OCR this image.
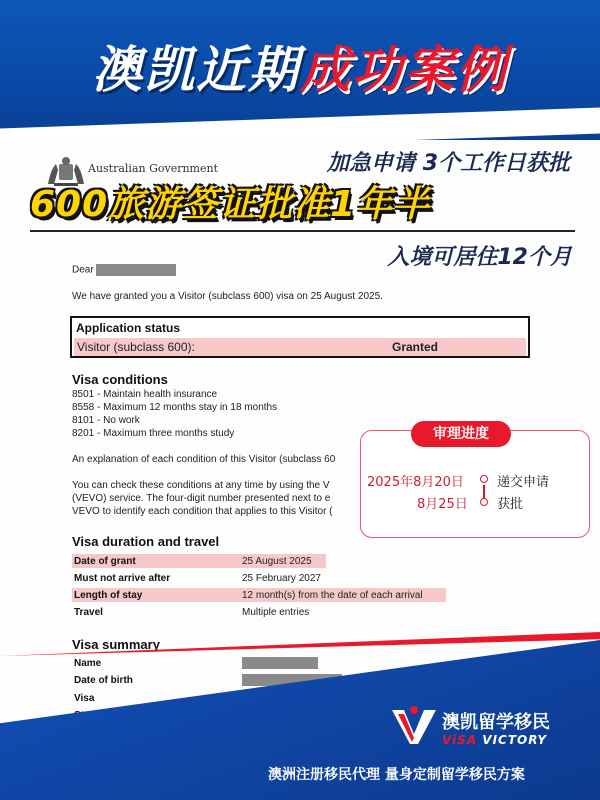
澳凯近期成功案例
Australian Government	加急申请 3个工作日获批
600旅游签证批准1年半
入境可居住12个月
Dear
We have granted you a Visitor (subclass 600) visa on 25 August 2025.
Application status
Visitor (subclass 600):	Granted
Visa conditions
8501 - Maintain health insurance
8558 - Maximum 12 months stay in 18 months
8101 - No work
8201 - Maximum three months study
An explanation of each condition of this Visitor (subclass 60
You can check these conditions at any time by using the V
(VEVO) service. The four-digit number presented next to e
VEVO to identify each condition that applies to this Visitor (
Visa duration and travel
Date of grant	25 August 2025
Must not arrive after	25 February 2027
Length of stay	12 month(s) from the date of each arrival
Travel	Multiple entries
Visa summary
Name
Date of birth
Visa
审理进度
2025年8月20日	递交申请
8月25日 获批
澳凯留学移民
ViSA VICTORY
澳洲注册移民代理 量身定制留学移民方案
